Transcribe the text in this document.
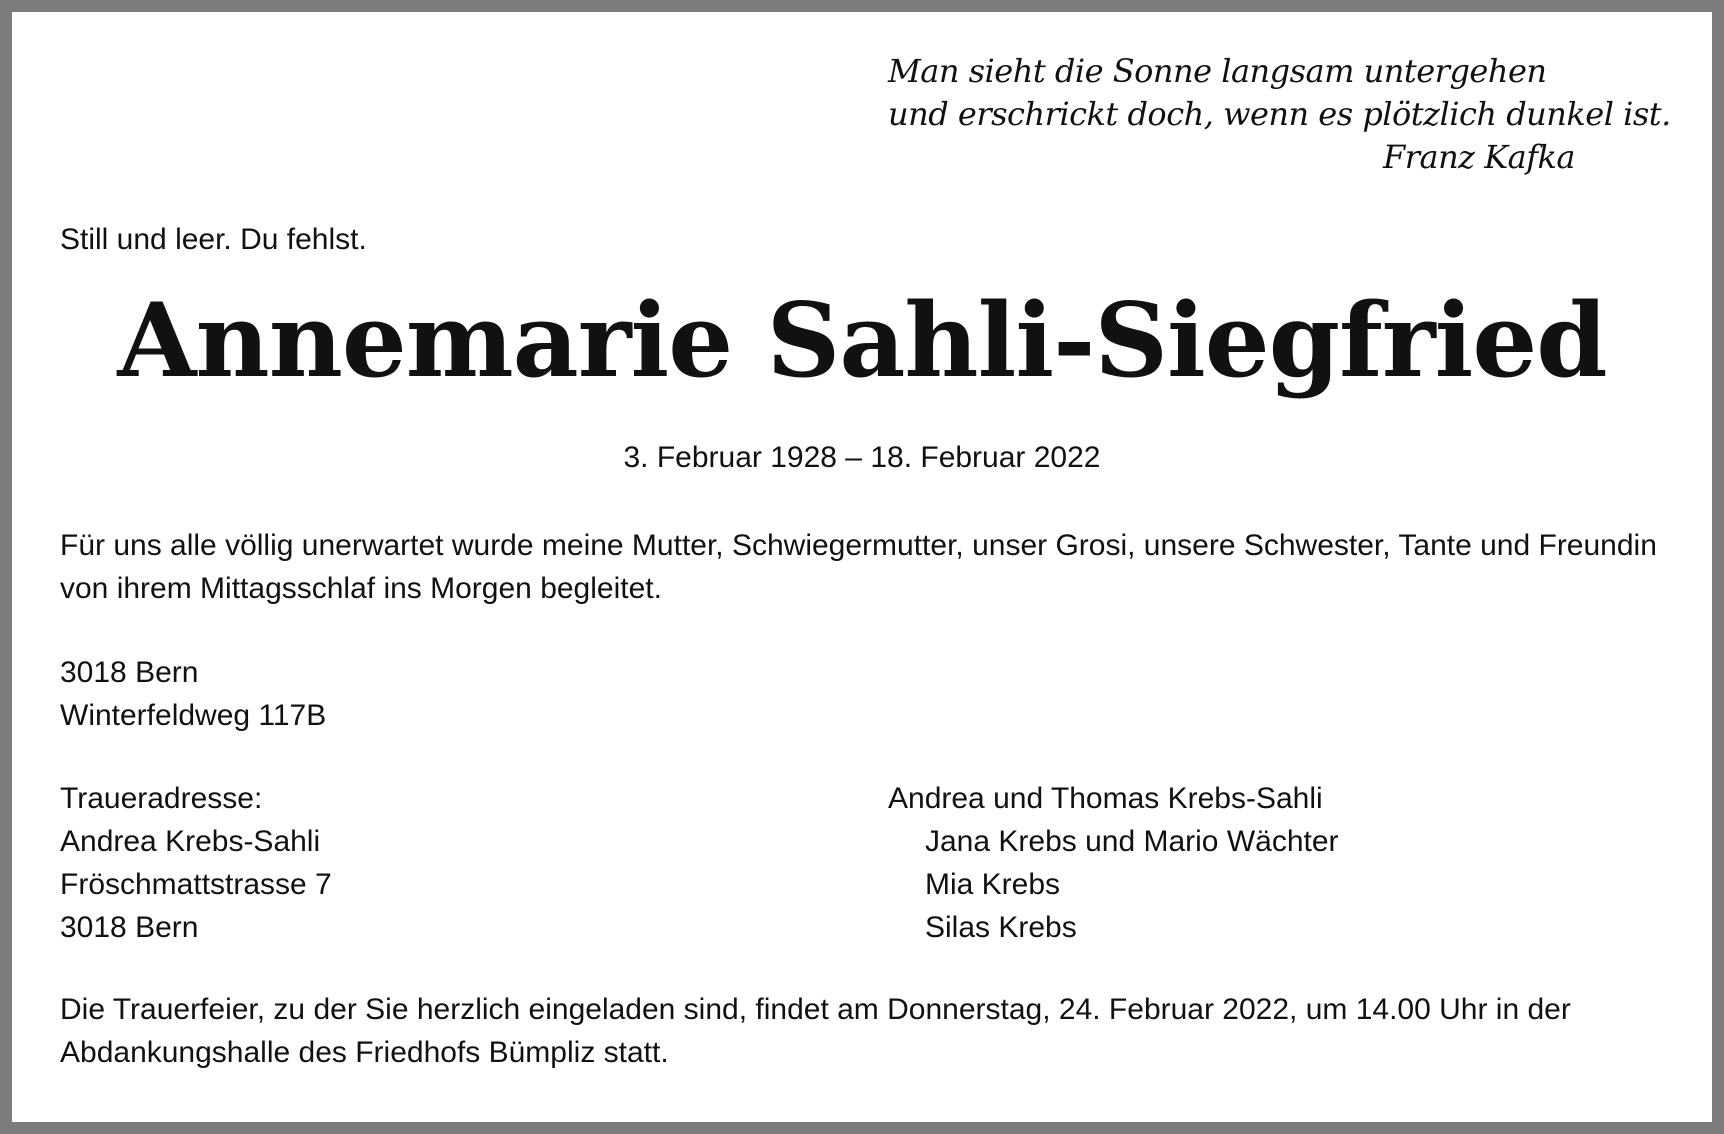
Man sieht die Sonne langsam untergehen

und erschrickt doch, wenn es plötzlich dunkel ist.

Franz Kafka

Still und leer. Du fehlst.

Annemarie Sahli-Siegfried

3. Februar 1928 – 18. Februar 2022

Für uns alle völlig unerwartet wurde meine Mutter, Schwiegermutter, unser Grosi, unsere Schwester, Tante und Freundin von ihrem Mittagsschlaf ins Morgen begleitet.

3018 Bern
Winterfeldweg 117B
Traueradresse:
Andrea Krebs-Sahli
Fröschmattstrasse 7
3018 Bern
Andrea und Thomas Krebs-Sahli
Jana Krebs und Mario Wächter
Mia Krebs
Silas Krebs

Die Trauerfeier, zu der Sie herzlich eingeladen sind, findet am Donnerstag, 24. Februar 2022, um 14.00 Uhr in der Abdankungshalle des Friedhofs Bümpliz statt.
